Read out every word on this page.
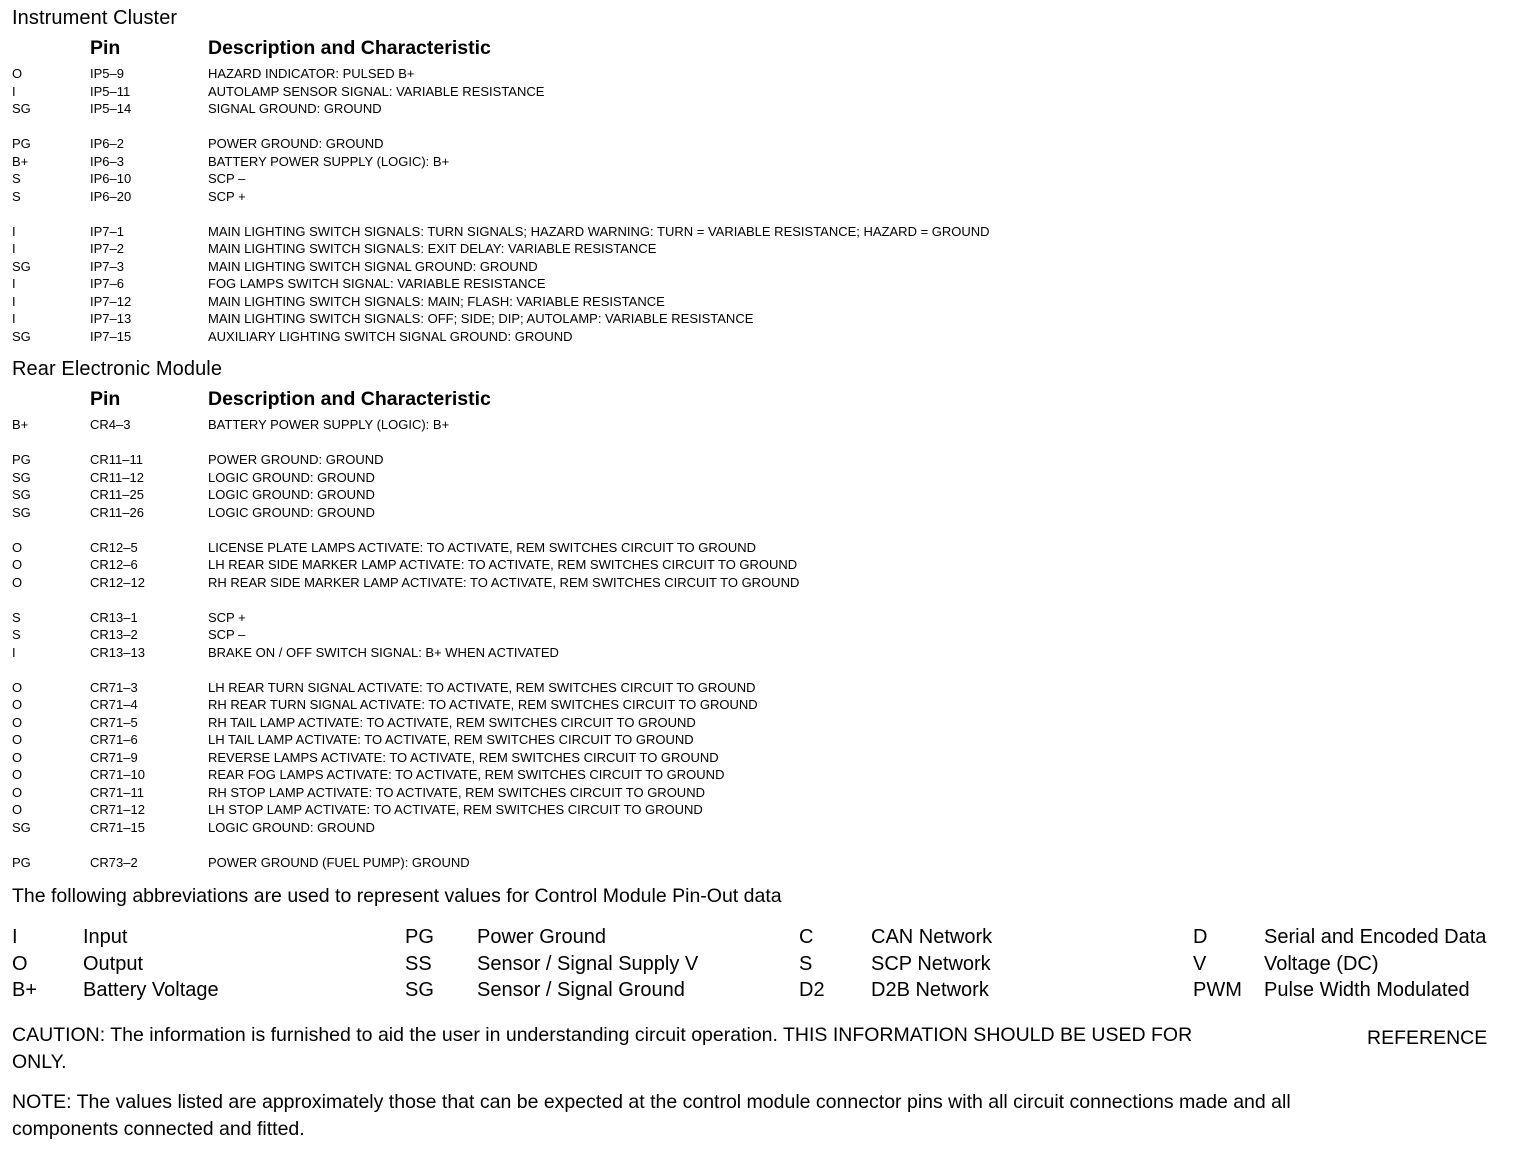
Instrument Cluster
Pin	Description and Characteristic
O	IP5–9	HAZARD INDICATOR: PULSED B+
I	IP5–11	AUTOLAMP SENSOR SIGNAL: VARIABLE RESISTANCE
SG	IP5–14	SIGNAL GROUND: GROUND
PG	IP6–2	POWER GROUND: GROUND
B+	IP6–3	BATTERY POWER SUPPLY (LOGIC): B+
S	IP6–10	SCP –
S	IP6–20	SCP +
I	IP7–1	MAIN LIGHTING SWITCH SIGNALS: TURN SIGNALS; HAZARD WARNING: TURN = VARIABLE RESISTANCE; HAZARD = GROUND
I	IP7–2	MAIN LIGHTING SWITCH SIGNALS: EXIT DELAY: VARIABLE RESISTANCE
SG	IP7–3	MAIN LIGHTING SWITCH SIGNAL GROUND: GROUND
I	IP7–6	FOG LAMPS SWITCH SIGNAL: VARIABLE RESISTANCE
I	IP7–12	MAIN LIGHTING SWITCH SIGNALS: MAIN; FLASH: VARIABLE RESISTANCE
I	IP7–13	MAIN LIGHTING SWITCH SIGNALS: OFF; SIDE; DIP; AUTOLAMP: VARIABLE RESISTANCE
SG	IP7–15	AUXILIARY LIGHTING SWITCH SIGNAL GROUND: GROUND
Rear Electronic Module
Pin	Description and Characteristic
B+	CR4–3	BATTERY POWER SUPPLY (LOGIC): B+
PG	CR11–11	POWER GROUND: GROUND
SG	CR11–12	LOGIC GROUND: GROUND
SG	CR11–25	LOGIC GROUND: GROUND
SG	CR11–26	LOGIC GROUND: GROUND
O	CR12–5	LICENSE PLATE LAMPS ACTIVATE: TO ACTIVATE, REM SWITCHES CIRCUIT TO GROUND
O	CR12–6	LH REAR SIDE MARKER LAMP ACTIVATE: TO ACTIVATE, REM SWITCHES CIRCUIT TO GROUND
O	CR12–12	RH REAR SIDE MARKER LAMP ACTIVATE: TO ACTIVATE, REM SWITCHES CIRCUIT TO GROUND
S	CR13–1	SCP +
S	CR13–2	SCP –
I	CR13–13	BRAKE ON / OFF SWITCH SIGNAL: B+ WHEN ACTIVATED
O	CR71–3	LH REAR TURN SIGNAL ACTIVATE: TO ACTIVATE, REM SWITCHES CIRCUIT TO GROUND
O	CR71–4	RH REAR TURN SIGNAL ACTIVATE: TO ACTIVATE, REM SWITCHES CIRCUIT TO GROUND
O	CR71–5	RH TAIL LAMP ACTIVATE: TO ACTIVATE, REM SWITCHES CIRCUIT TO GROUND
O	CR71–6	LH TAIL LAMP ACTIVATE: TO ACTIVATE, REM SWITCHES CIRCUIT TO GROUND
O	CR71–9	REVERSE LAMPS ACTIVATE: TO ACTIVATE, REM SWITCHES CIRCUIT TO GROUND
O	CR71–10	REAR FOG LAMPS ACTIVATE: TO ACTIVATE, REM SWITCHES CIRCUIT TO GROUND
O	CR71–11	RH STOP LAMP ACTIVATE: TO ACTIVATE, REM SWITCHES CIRCUIT TO GROUND
O	CR71–12	LH STOP LAMP ACTIVATE: TO ACTIVATE, REM SWITCHES CIRCUIT TO GROUND
SG	CR71–15	LOGIC GROUND: GROUND
PG	CR73–2	POWER GROUND (FUEL PUMP): GROUND
The following abbreviations are used to represent values for Control Module Pin-Out data
I	Input	PG Power Ground	C	CAN Network	D	Serial and Encoded Data
O	Output	SS Sensor / Signal Supply V	S	SCP Network	V	Voltage (DC)
B+ Battery Voltage	SG Sensor / Signal Ground	D2 D2B Network	PWM Pulse Width Modulated
CAUTION: The information is furnished to aid the user in understanding circuit operation. THIS INFORMATION SHOULD BE USED FOR	REFERENCE
ONLY.
NOTE: The values listed are approximately those that can be expected at the control module connector pins with all circuit connections made and all
components connected and fitted.
